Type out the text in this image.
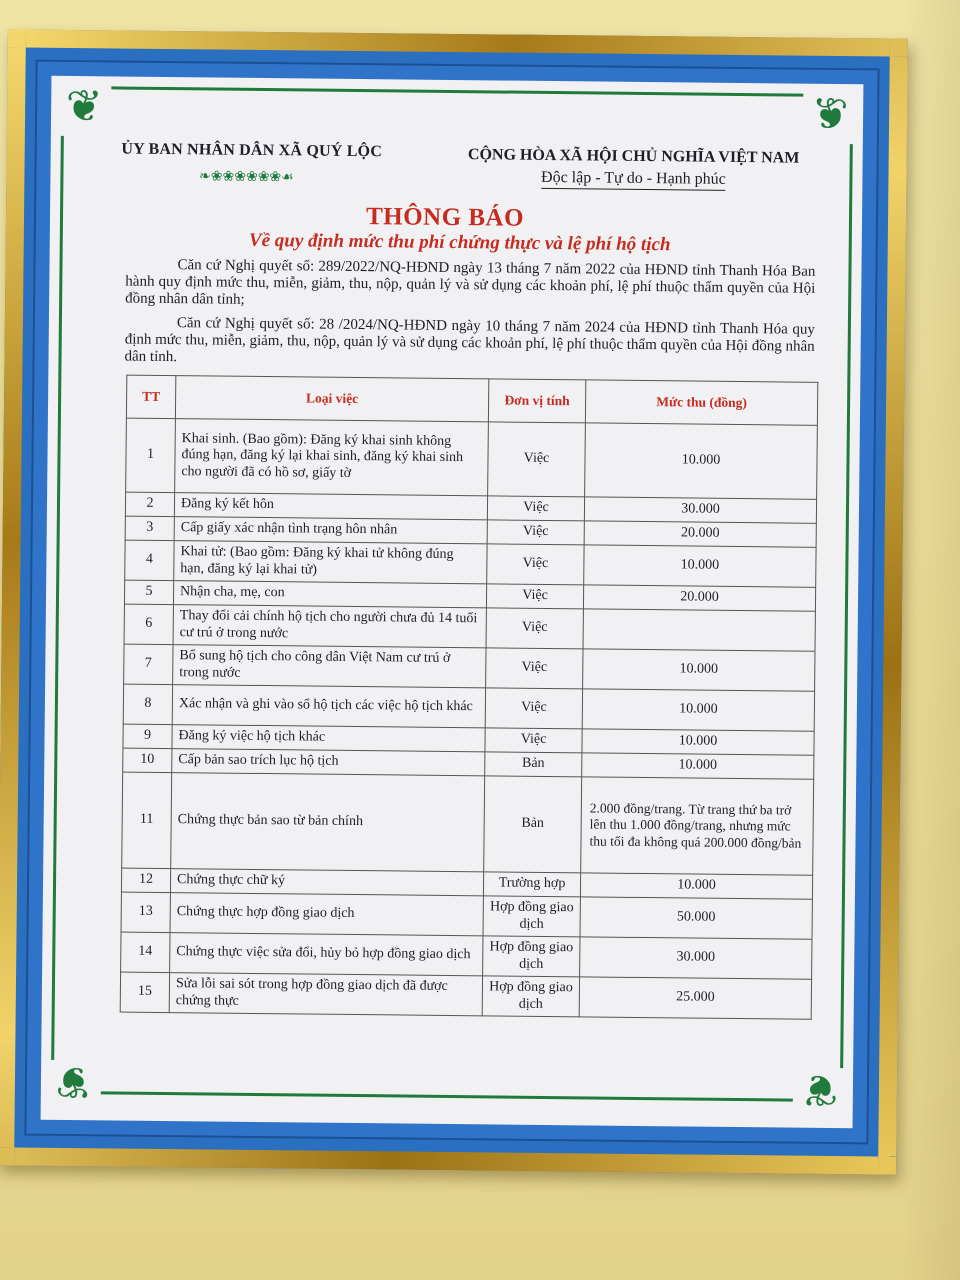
❦	❦
❦	❦
ỦY BAN NHÂN DÂN XÃ QUÝ LỘC
❧❀❀❀❀❀❀☙
CỘNG HÒA XÃ HỘI CHỦ NGHĨA VIỆT NAM
Độc lập - Tự do - Hạnh phúc
THÔNG BÁO
Về quy định mức thu phí chứng thực và lệ phí hộ tịch
Căn cứ Nghị quyết số: 289/2022/NQ-HĐND ngày 13 tháng 7 năm 2022 của HĐND tỉnh Thanh Hóa Ban hành quy định mức thu, miễn, giảm, thu, nộp, quản lý và sử dụng các khoản phí, lệ phí thuộc thẩm quyền của Hội đồng nhân dân tỉnh;
Căn cứ Nghị quyết số: 28 /2024/NQ-HĐND ngày 10 tháng 7 năm 2024 của HĐND tỉnh Thanh Hóa quy định mức thu, miễn, giảm, thu, nộp, quản lý và sử dụng các khoản phí, lệ phí thuộc thẩm quyền của Hội đồng nhân dân tỉnh.
TT	Loại việc	Đơn vị tính	Mức thu (đồng)
1	Khai sinh. (Bao gồm): Đăng ký khai sinh không đúng hạn, đăng ký lại khai sinh, đăng ký khai sinh cho người đã có hồ sơ, giấy tờ	Việc	10.000
2	Đăng ký kết hôn	Việc	30.000
3	Cấp giấy xác nhận tình trạng hôn nhân	Việc	20.000
4	Khai tử: (Bao gồm: Đăng ký khai tử không đúng hạn, đăng ký lại khai tử)	Việc	10.000
5	Nhận cha, mẹ, con	Việc	20.000
6	Thay đổi cải chính hộ tịch cho người chưa đủ 14 tuổi cư trú ở trong nước	Việc	
7	Bổ sung hộ tịch cho công dân Việt Nam cư trú ở trong nước	Việc	10.000
8	Xác nhận và ghi vào sổ hộ tịch các việc hộ tịch khác	Việc	10.000
9	Đăng ký việc hộ tịch khác	Việc	10.000
10	Cấp bản sao trích lục hộ tịch	Bản	10.000
11	Chứng thực bản sao từ bản chính	Bản	2.000 đồng/trang. Từ trang thứ ba trở lên thu 1.000 đồng/trang, nhưng mức thu tối đa không quá 200.000 đồng/bản
12	Chứng thực chữ ký	Trường hợp	10.000
13	Chứng thực hợp đồng giao dịch	Hợp đồng giao dịch	50.000
14	Chứng thực việc sửa đổi, hủy bỏ hợp đồng giao dịch	Hợp đồng giao dịch	30.000
15	Sửa lỗi sai sót trong hợp đồng giao dịch đã được chứng thực	Hợp đồng giao dịch	25.000
